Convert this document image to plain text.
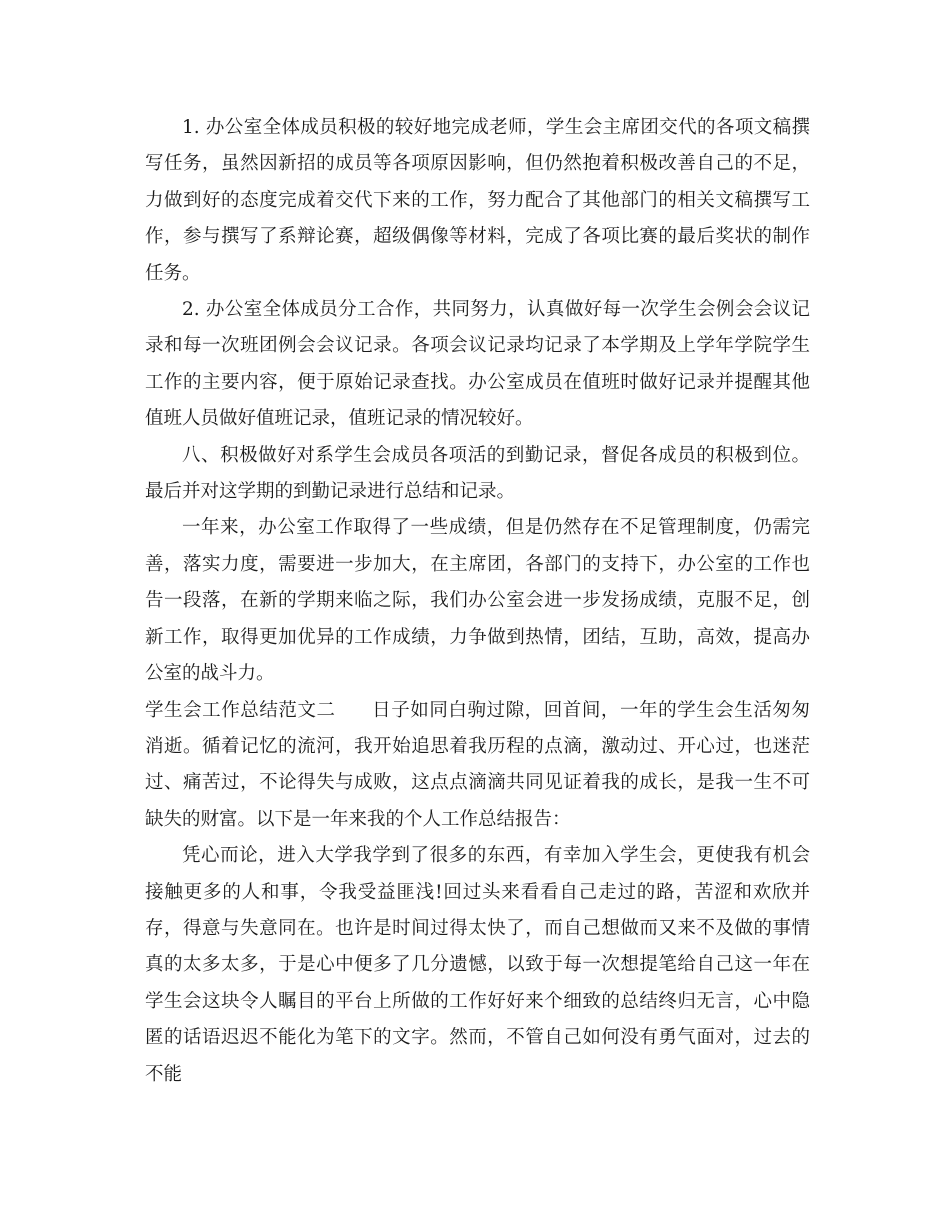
1. 办公室全体成员积极的较好地完成老师，学生会主席团交代的各项文稿撰写任务，虽然因新招的成员等各项原因影响，但仍然抱着积极改善自己的不足，力做到好的态度完成着交代下来的工作，努力配合了其他部门的相关文稿撰写工作，参与撰写了系辩论赛，超级偶像等材料，完成了各项比赛的最后奖状的制作任务。

2. 办公室全体成员分工合作，共同努力，认真做好每一次学生会例会会议记录和每一次班团例会会议记录。各项会议记录均记录了本学期及上学年学院学生工作的主要内容，便于原始记录查找。办公室成员在值班时做好记录并提醒其他值班人员做好值班记录，值班记录的情况较好。

八、积极做好对系学生会成员各项活的到勤记录，督促各成员的积极到位。最后并对这学期的到勤记录进行总结和记录。

一年来，办公室工作取得了一些成绩，但是仍然存在不足管理制度，仍需完善，落实力度，需要进一步加大，在主席团，各部门的支持下，办公室的工作也告一段落，在新的学期来临之际，我们办公室会进一步发扬成绩，克服不足，创新工作，取得更加优异的工作成绩，力争做到热情，团结，互助，高效，提高办公室的战斗力。

学生会工作总结范文二 日子如同白驹过隙，回首间，一年的学生会生活匆匆消逝。循着记忆的流河，我开始追思着我历程的点滴，激动过、开心过，也迷茫过、痛苦过，不论得失与成败，这点点滴滴共同见证着我的成长，是我一生不可缺失的财富。以下是一年来我的个人工作总结报告：

凭心而论，进入大学我学到了很多的东西，有幸加入学生会，更使我有机会接触更多的人和事，令我受益匪浅!回过头来看看自己走过的路，苦涩和欢欣并存，得意与失意同在。也许是时间过得太快了，而自己想做而又来不及做的事情真的太多太多，于是心中便多了几分遗憾，以致于每一次想提笔给自己这一年在学生会这块令人瞩目的平台上所做的工作好好来个细致的总结终归无言，心中隐匿的话语迟迟不能化为笔下的文字。然而，不管自己如何没有勇气面对，过去的不能
